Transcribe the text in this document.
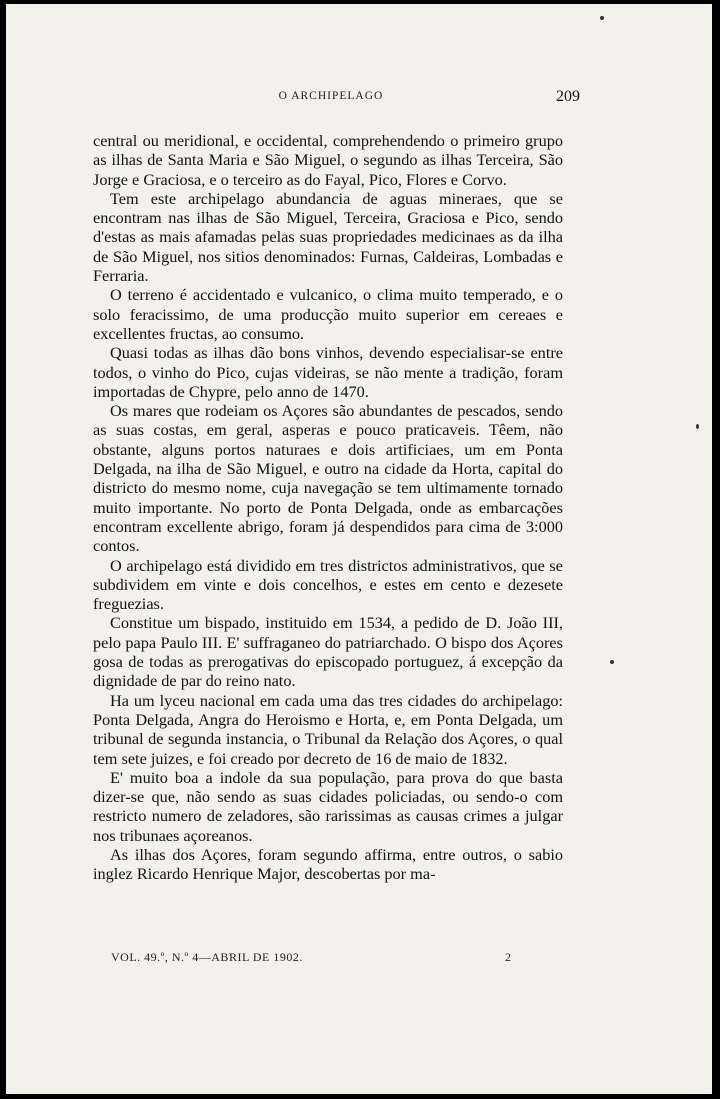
O ARCHIPELAGO	209

central ou meridional, e occidental, comprehendendo o primeiro grupo as ilhas de Santa Maria e São Miguel, o segundo as ilhas Terceira, São Jorge e Graciosa, e o terceiro as do Fayal, Pico, Flores e Corvo.

Tem este archipelago abundancia de aguas mineraes, que se encontram nas ilhas de São Miguel, Terceira, Graciosa e Pico, sendo d'estas as mais afamadas pelas suas propriedades medicinaes as da ilha de São Miguel, nos sitios denominados: Furnas, Caldeiras, Lombadas e Ferraria.

O terreno é accidentado e vulcanico, o clima muito temperado, e o solo feracissimo, de uma producção muito superior em cereaes e excellentes fructas, ao consumo.

Quasi todas as ilhas dão bons vinhos, devendo especialisar-se entre todos, o vinho do Pico, cujas videiras, se não mente a tradição, foram importadas de Chypre, pelo anno de 1470.

Os mares que rodeiam os Açores são abundantes de pescados, sendo as suas costas, em geral, asperas e pouco praticaveis. Têem, não obstante, alguns portos naturaes e dois artificiaes, um em Ponta Delgada, na ilha de São Miguel, e outro na cidade da Horta, capital do districto do mesmo nome, cuja navegação se tem ultimamente tornado muito importante. No porto de Ponta Delgada, onde as embarcações encontram excellente abrigo, foram já despendidos para cima de 3:000 contos.

O archipelago está dividido em tres districtos administrativos, que se subdividem em vinte e dois concelhos, e estes em cento e dezesete freguezias.

Constitue um bispado, instituido em 1534, a pedido de D. João III, pelo papa Paulo III. E' suffraganeo do patriarchado. O bispo dos Açores gosa de todas as prerogativas do episcopado portuguez, á excepção da dignidade de par do reino nato.

Ha um lyceu nacional em cada uma das tres cidades do archipelago: Ponta Delgada, Angra do Heroismo e Horta, e, em Ponta Delgada, um tribunal de segunda instancia, o Tribunal da Relação dos Açores, o qual tem sete juizes, e foi creado por decreto de 16 de maio de 1832.

E' muito boa a indole da sua população, para prova do que basta dizer-se que, não sendo as suas cidades policiadas, ou sendo-o com restricto numero de zeladores, são rarissimas as causas crimes a julgar nos tribunaes açoreanos.

As ilhas dos Açores, foram segundo affirma, entre outros, o sabio inglez Ricardo Henrique Major, descobertas por ma-

VOL. 49.º, N.º 4—ABRIL DE 1902.	2
